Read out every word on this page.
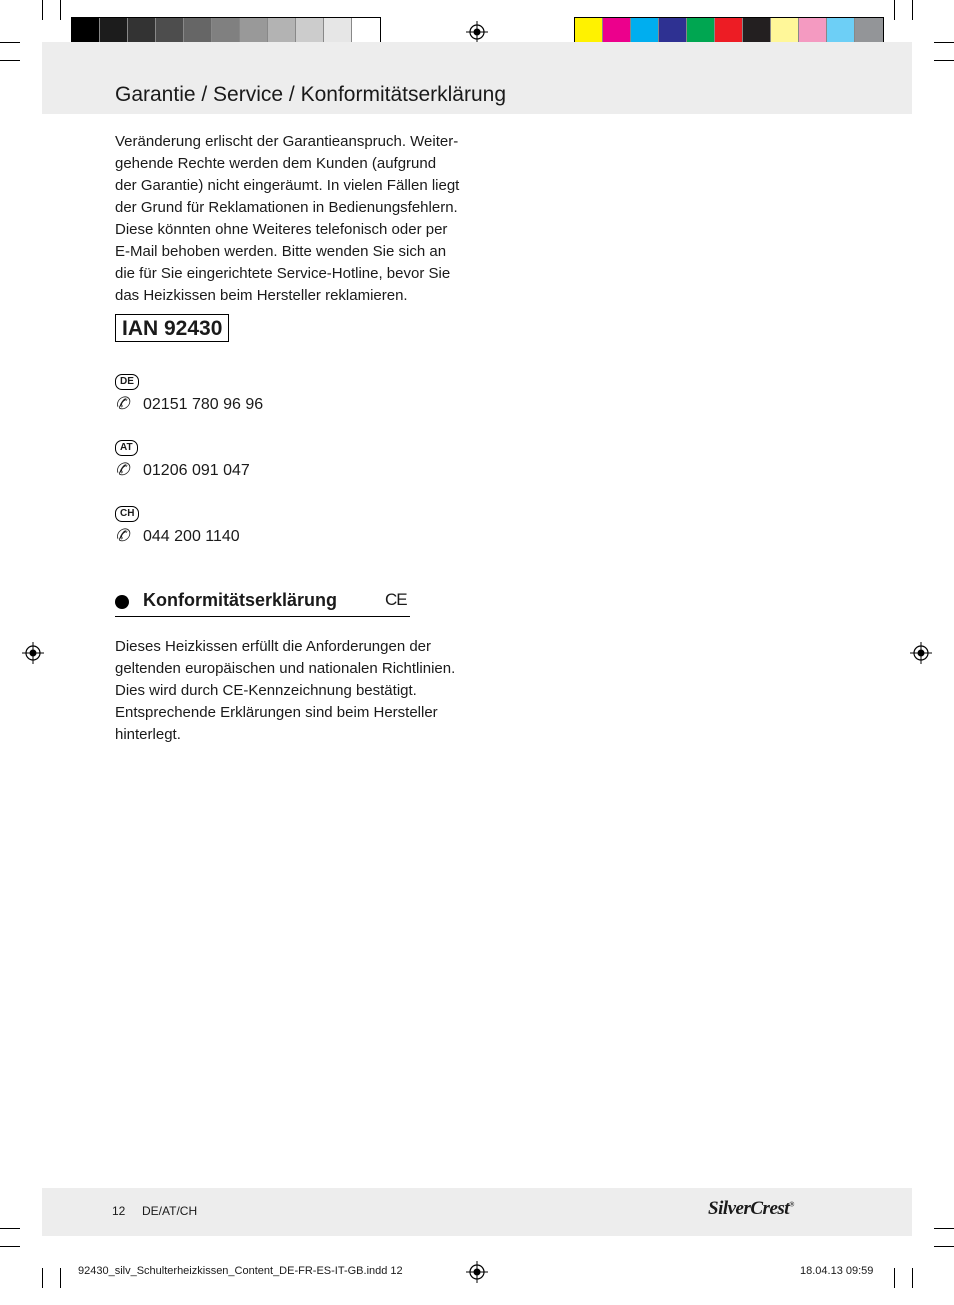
Garantie / Service / Konformitätserklärung
Veränderung erlischt der Garantieanspruch. Weiter-
gehende Rechte werden dem Kunden (aufgrund
der Garantie) nicht eingeräumt. In vielen Fällen liegt
der Grund für Reklamationen in Bedienungsfehlern.
Diese könnten ohne Weiteres telefonisch oder per
E-Mail behoben werden. Bitte wenden Sie sich an
die für Sie eingerichtete Service-Hotline, bevor Sie
das Heizkissen beim Hersteller reklamieren.
IAN 92430
DE
✆ 02151 780 96 96
AT
✆ 01206 091 047
CH
✆ 044 200 1140
Konformitätserklärung	CE
Dieses Heizkissen erfüllt die Anforderungen der
geltenden europäischen und nationalen Richtlinien.
Dies wird durch CE-Kennzeichnung bestätigt.
Entsprechende Erklärungen sind beim Hersteller
hinterlegt.
12 DE/AT/CH	SilverCrest®
92430_silv_Schulterheizkissen_Content_DE-FR-ES-IT-GB.indd 12	18.04.13 09:59
